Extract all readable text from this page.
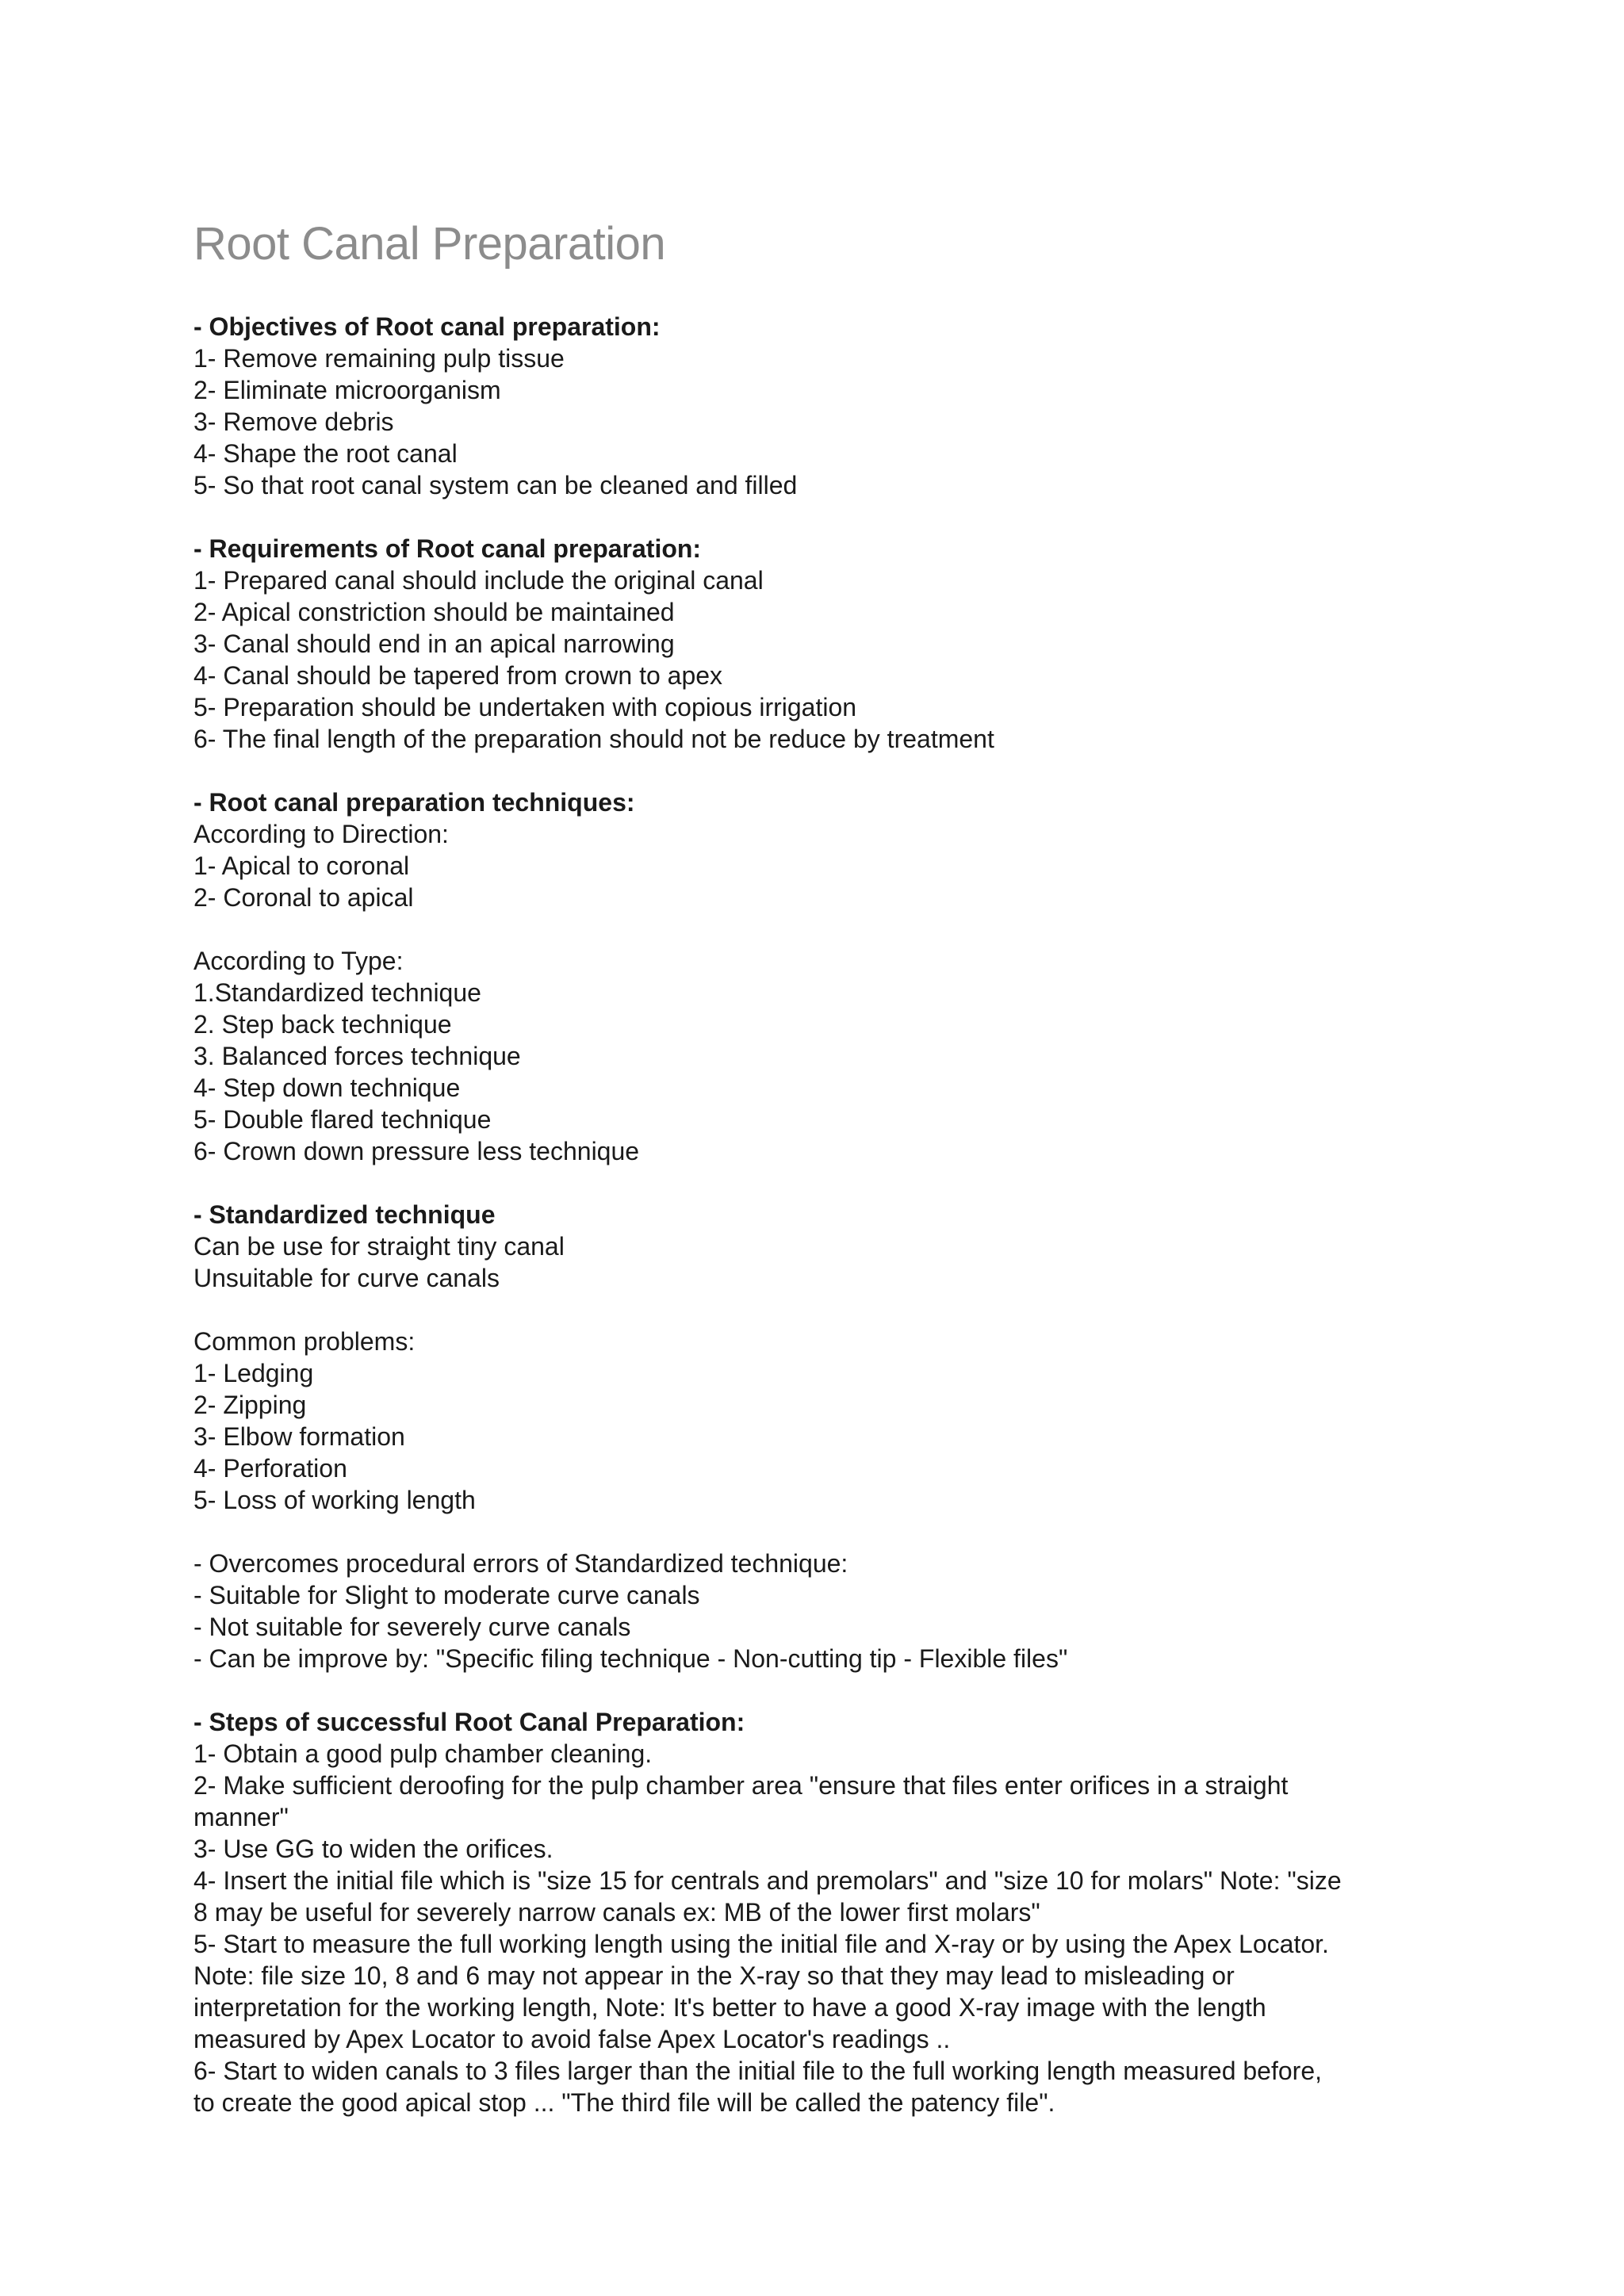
Root Canal Preparation
- Objectives of Root canal preparation:
1- Remove remaining pulp tissue
2- Eliminate microorganism
3- Remove debris
4- Shape the root canal
5- So that root canal system can be cleaned and filled
- Requirements of Root canal preparation:
1- Prepared canal should include the original canal
2- Apical constriction should be maintained
3- Canal should end in an apical narrowing
4- Canal should be tapered from crown to apex
5- Preparation should be undertaken with copious irrigation
6- The final length of the preparation should not be reduce by treatment
- Root canal preparation techniques:
According to Direction:
1- Apical to coronal
2- Coronal to apical
According to Type:
1.Standardized technique
2. Step back technique
3. Balanced forces technique
4- Step down technique
5- Double flared technique
6- Crown down pressure less technique
- Standardized technique
Can be use for straight tiny canal
Unsuitable for curve canals
Common problems:
1- Ledging
2- Zipping
3- Elbow formation
4- Perforation
5- Loss of working length
- Overcomes procedural errors of Standardized technique:
- Suitable for Slight to moderate curve canals
- Not suitable for severely curve canals
- Can be improve by: "Specific filing technique - Non-cutting tip - Flexible files"
- Steps of successful Root Canal Preparation:
1- Obtain a good pulp chamber cleaning.
2- Make sufficient deroofing for the pulp chamber area "ensure that files enter orifices in a straight
manner"
3- Use GG to widen the orifices.
4- Insert the initial file which is "size 15 for centrals and premolars" and "size 10 for molars" Note: "size
8 may be useful for severely narrow canals ex: MB of the lower first molars"
5- Start to measure the full working length using the initial file and X-ray or by using the Apex Locator.
Note: file size 10, 8 and 6 may not appear in the X-ray so that they may lead to misleading or
interpretation for the working length, Note: It's better to have a good X-ray image with the length
measured by Apex Locator to avoid false Apex Locator's readings ..
6- Start to widen canals to 3 files larger than the initial file to the full working length measured before,
to create the good apical stop ... "The third file will be called the patency file".
